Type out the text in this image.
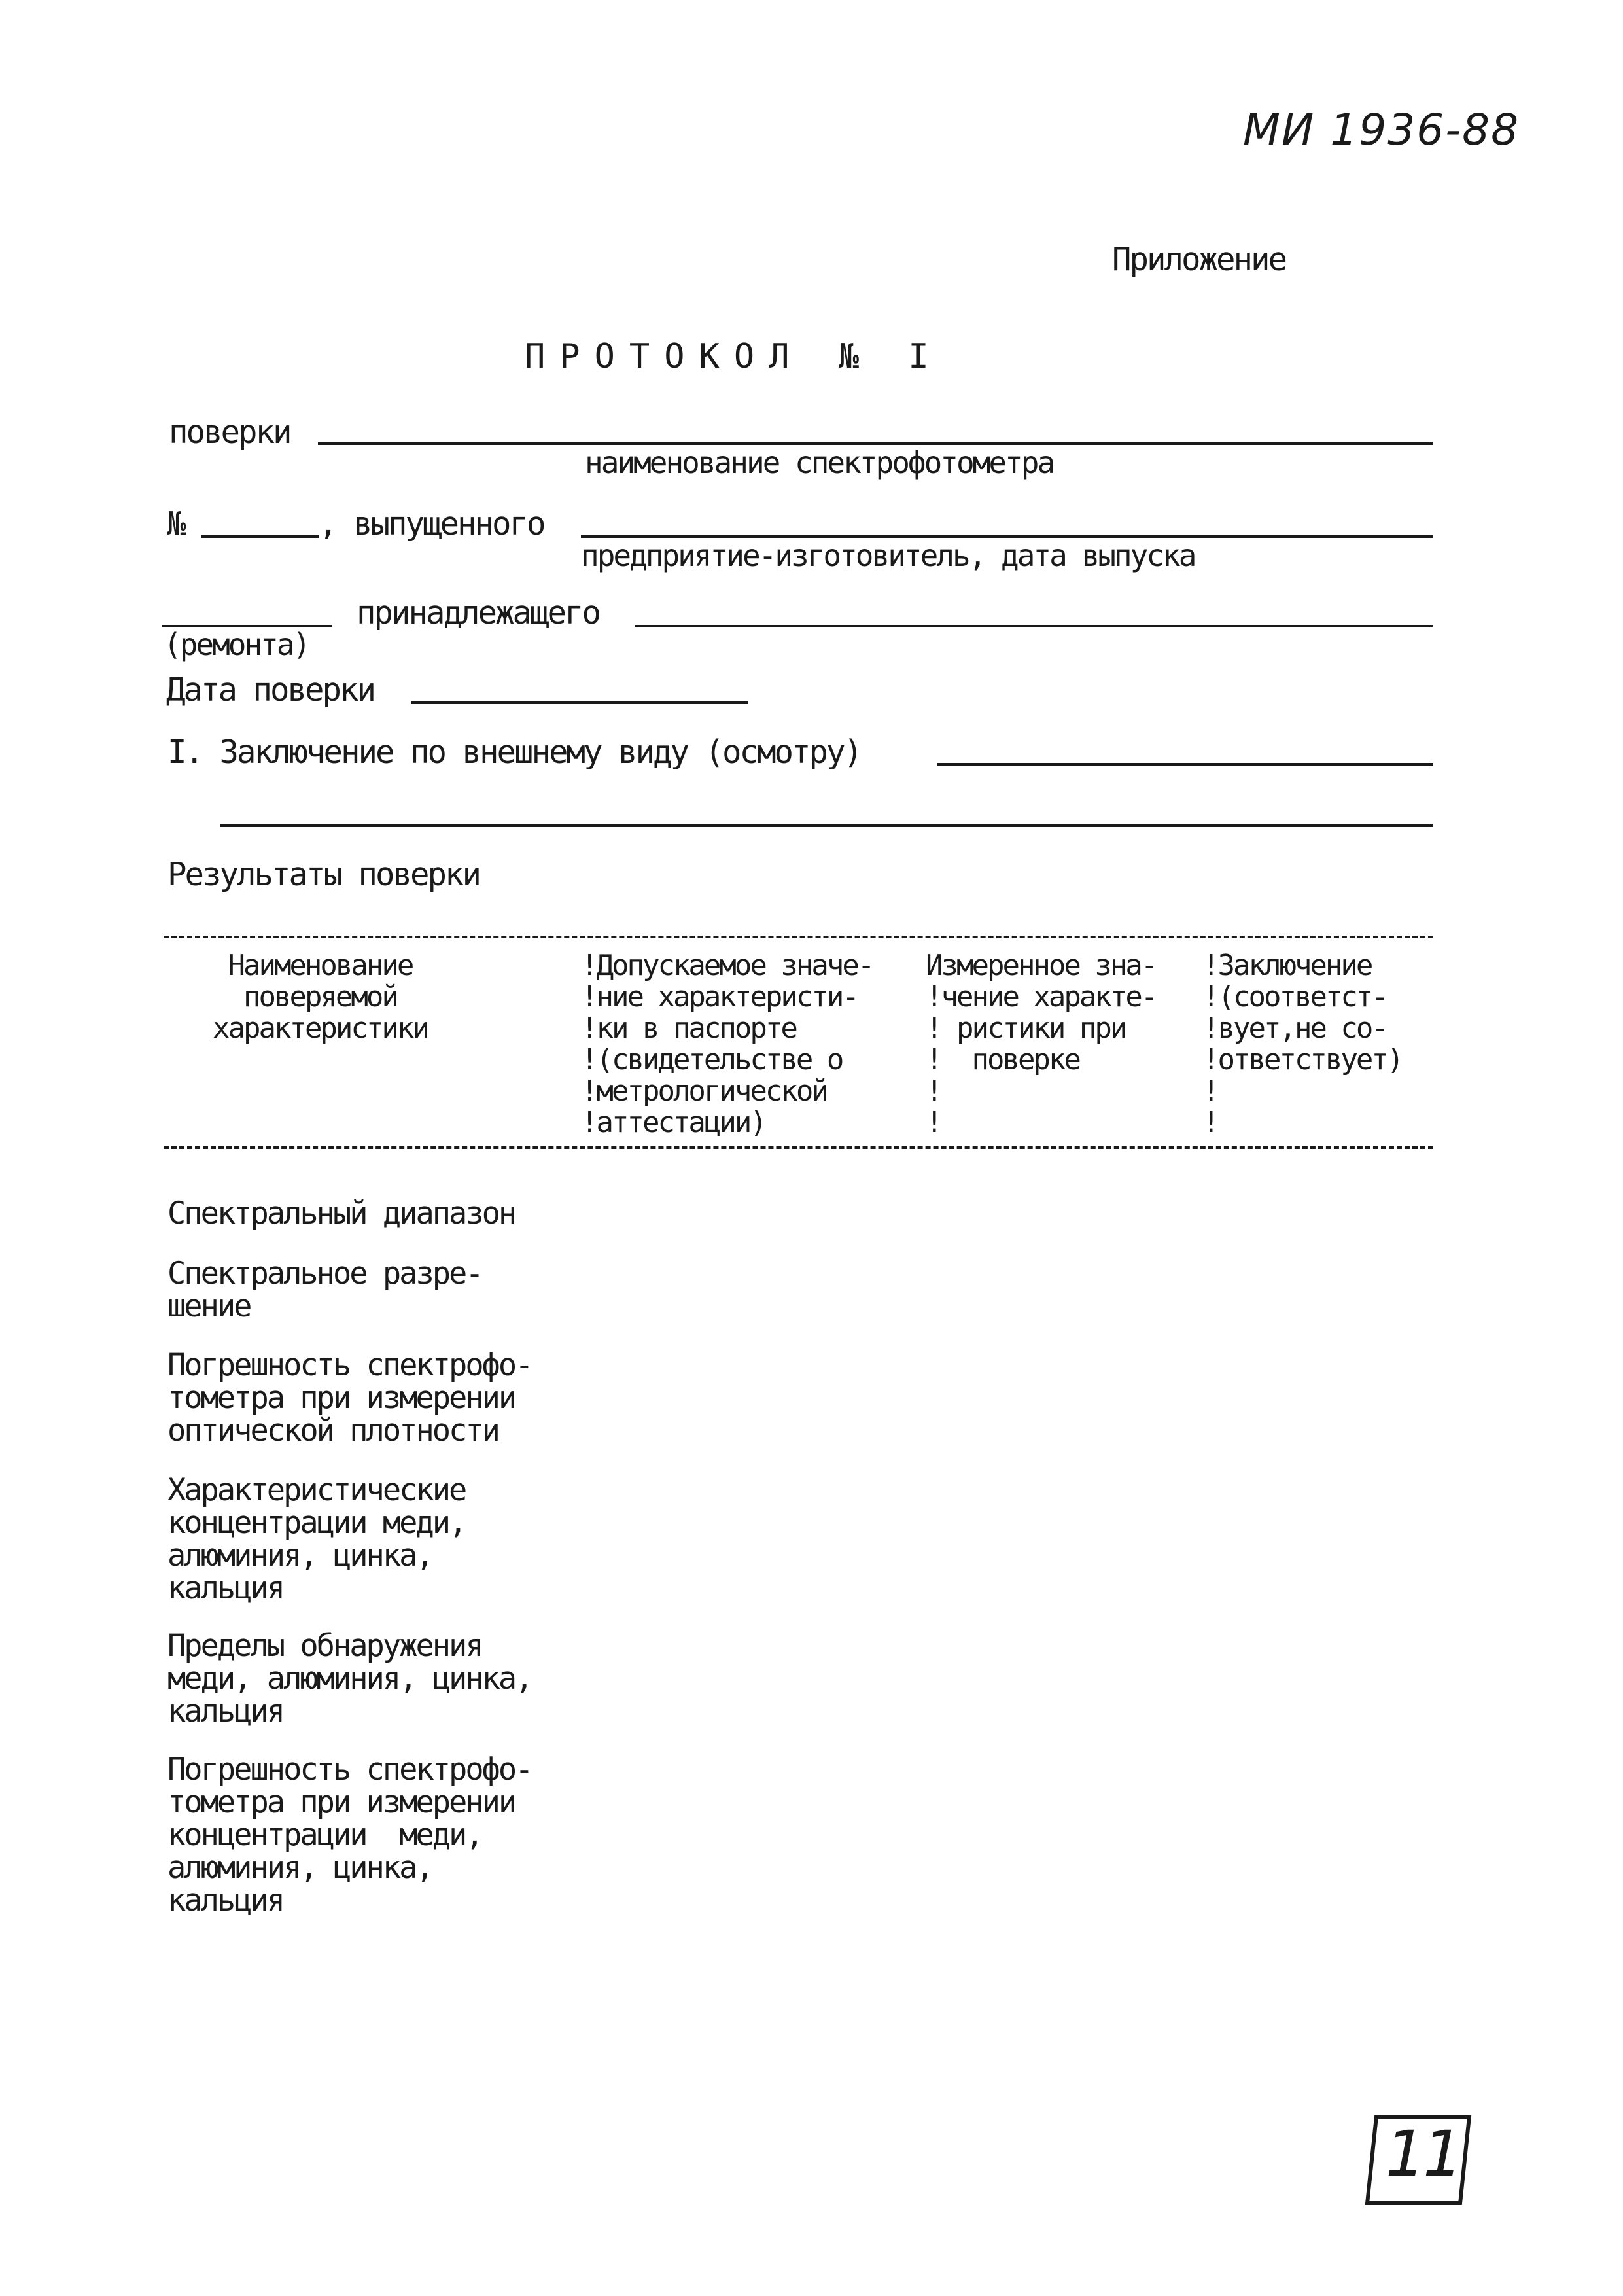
МИ 1936-88
Приложение
ПРОТОКОЛ № I
поверки
наименование спектрофотометра
№	, выпущенного
предприятие-изготовитель, дата выпуска
(ремонта)
принадлежащего
Дата поверки
I. Заключение по внешнему виду (осмотру)
Результаты поверки
Наименование
поверяемой
характеристики
!Допускаемое значе-
!ние характеристи-
!ки в паспорте
!(свидетельстве о
!метрологической
!аттестации)
Измеренное зна-
!чение характе-
! ристики при
!  поверке
!
!
!Заключение
!(соответст-
!вует,не со-
!ответствует)
!
!
Спектральный диапазон
Спектральное разре-
шение
Погрешность спектрофо-
тометра при измерении
оптической плотности
Характеристические
концентрации меди,
алюминия, цинка,
кальция
Пределы обнаружения
меди, алюминия, цинка,
кальция
Погрешность спектрофо-
тометра при измерении
концентрации  меди,
алюминия, цинка,
кальция
11
